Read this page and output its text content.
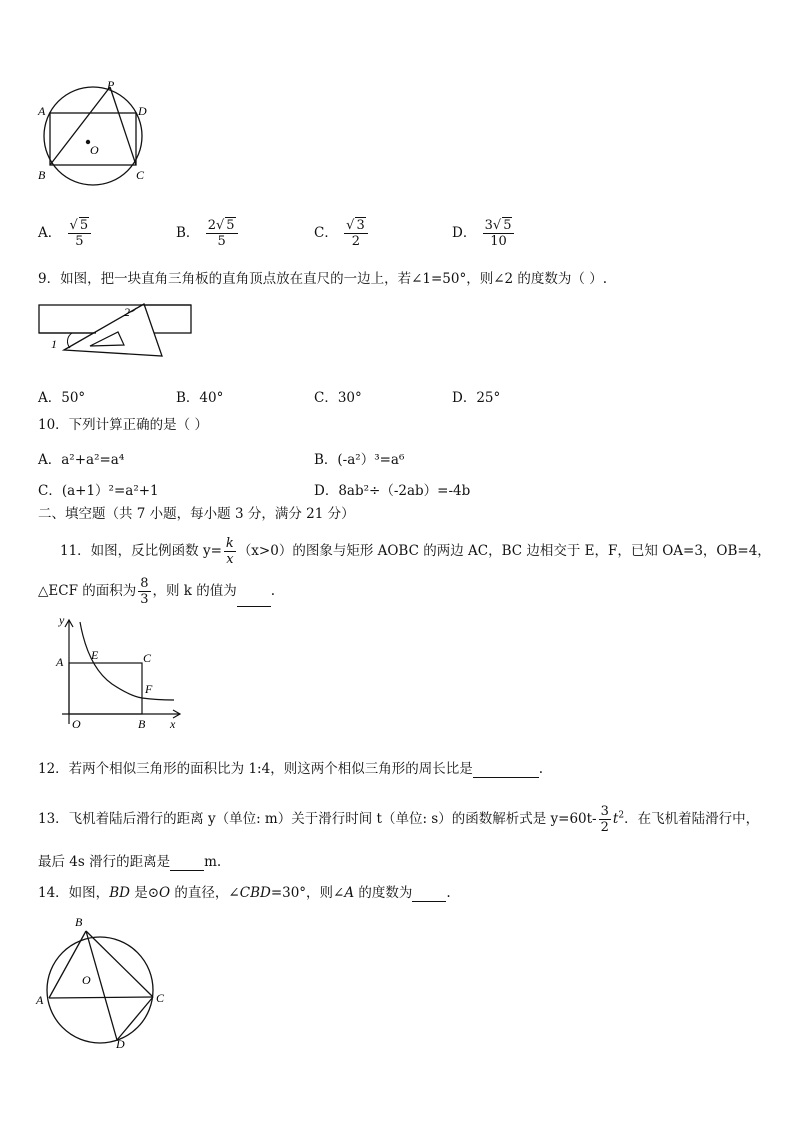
A
B	C
D
P
O
A． $\frac{√ 5}{5}$	B． $\frac{2√ 5}{5}$	C． $\frac{√ 3}{2}$	D． $\frac{3√ 5}{10}$
9．如图，把一块直角三角板的直角顶点放在直尺的一边上，若∠1=50°，则∠2 的度数为（ ）.
1
2
A．50°	B．40°	C．30°	D．25°
10．下列计算正确的是（ ）
A．a²+a²=a⁴	B．(-a²）³=a⁶
C．(a+1）²=a²+1	D．8ab²÷（-2ab）=-4b
二、填空题（共 7 小题，每小题 3 分，满分 21 分）
11．如图，反比例函数 $y= \frac{k}{x} (x>0)$的图象与矩形 AOBC 的两边 AC，BC 边相交于 E，F，已知 OA=3，OB=4，
△ECF 的面积为 $\frac{8}{3}$ ，则 k 的值为	.
y
x
A E	C
F
O	B
12．若两个相似三角形的面积比为 1:4，则这两个相似三角形的周长比是	.
13．飞机着陆后滑行的距离 y（单位: m）关于滑行时间 t（单位: s）的函数解析式是 $y=60t- \frac{3}{2} t^2$．在飞机着陆滑行中，
最后 4s 滑行的距离是	m.
14．如图，BD 是⊙O 的直径，∠CBD=30°，则∠A 的度数为	.
B
O
A	C
D
